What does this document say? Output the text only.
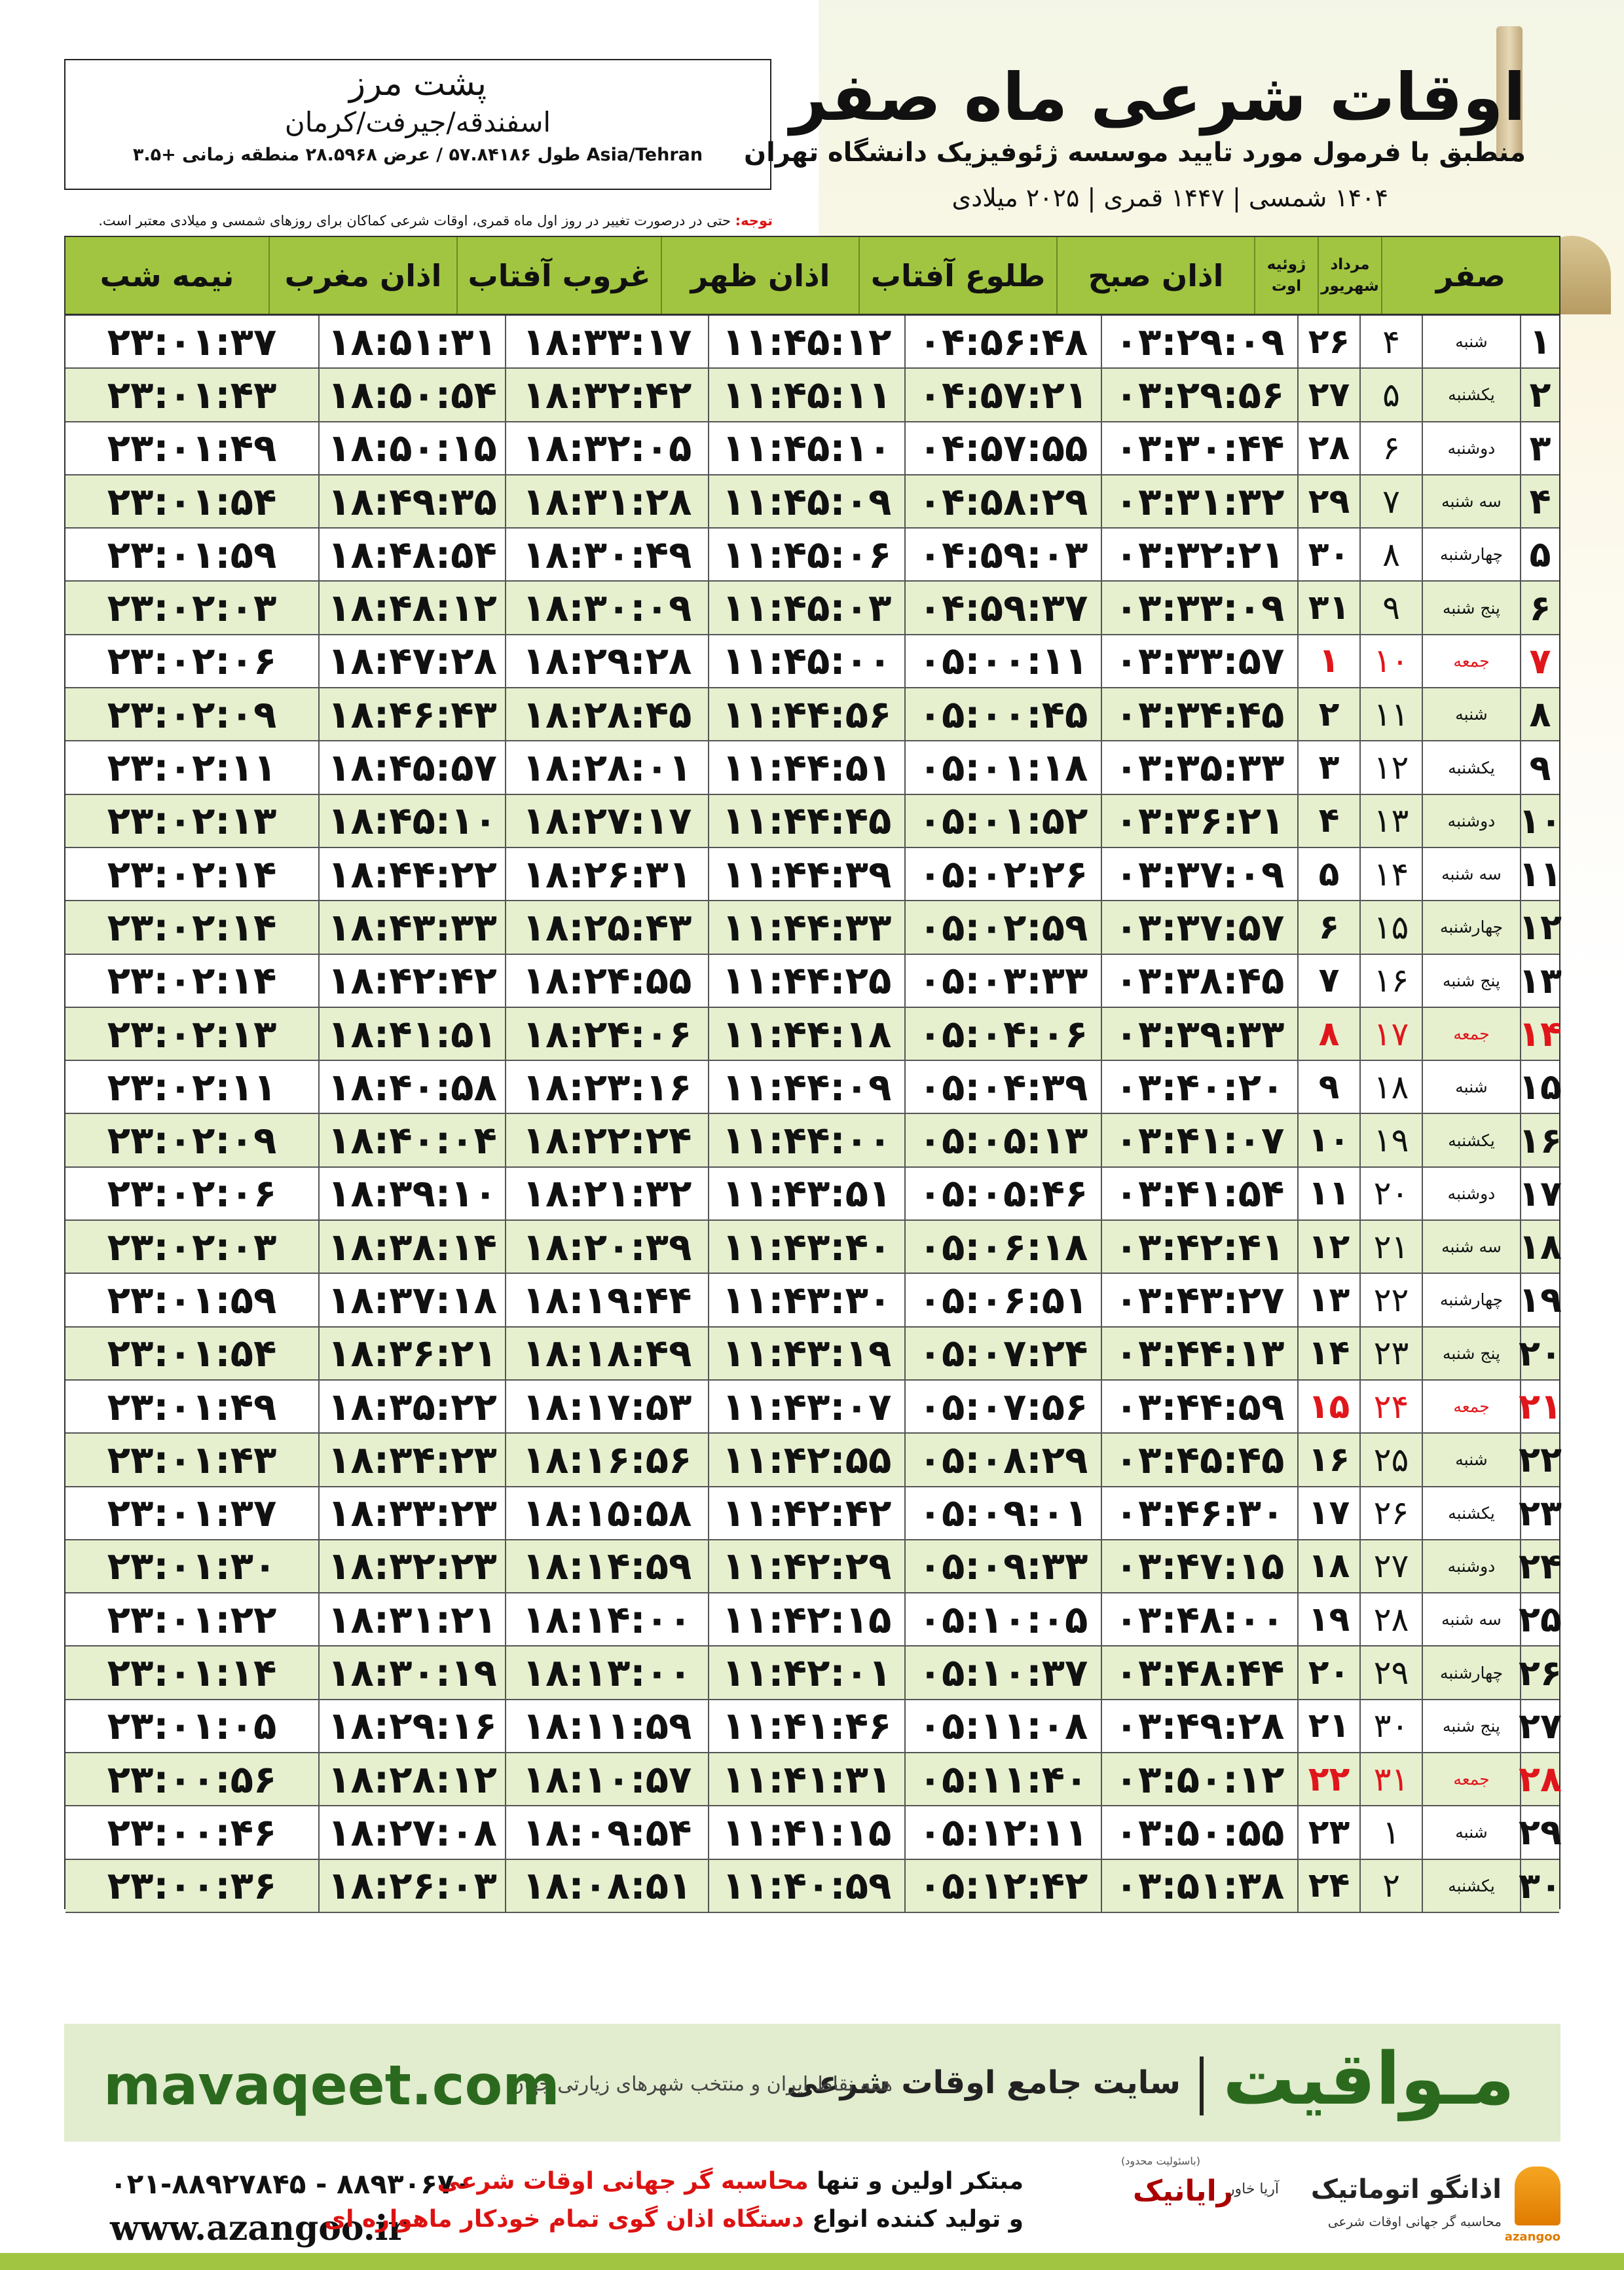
پشت مرز
اسفندقه/جیرفت/کرمان
طول ۵۷.۸۴۱۸۶ / عرض ۲۸.۵۹۶۸ منطقه زمانی +۳.۵ Asia/Tehran
اوقات شرعی ماه صفر
منطبق با فرمول مورد تایید موسسه ژئوفیزیک دانشگاه تهران
۱۴۰۴ شمسی | ۱۴۴۷ قمری | ۲۰۲۵ میلادی
توجه: حتی در درصورت تغییر در روز اول ماه قمری، اوقات شرعی کماکان برای روزهای شمسی و میلادی معتبر است.
صفر
مرداد
شهریور
ژوئیه
اوت
اذان صبح
طلوع آفتاب
اذان ظهر
غروب آفتاب
اذان مغرب
نیمه شب
۱
شنبه
۴
۲۶
۰۳:۲۹:۰۹
۰۴:۵۶:۴۸
۱۱:۴۵:۱۲
۱۸:۳۳:۱۷
۱۸:۵۱:۳۱
۲۳:۰۱:۳۷
۲
یکشنبه
۵
۲۷
۰۳:۲۹:۵۶
۰۴:۵۷:۲۱
۱۱:۴۵:۱۱
۱۸:۳۲:۴۲
۱۸:۵۰:۵۴
۲۳:۰۱:۴۳
۳
دوشنبه
۶
۲۸
۰۳:۳۰:۴۴
۰۴:۵۷:۵۵
۱۱:۴۵:۱۰
۱۸:۳۲:۰۵
۱۸:۵۰:۱۵
۲۳:۰۱:۴۹
۴
سه شنبه
۷
۲۹
۰۳:۳۱:۳۲
۰۴:۵۸:۲۹
۱۱:۴۵:۰۹
۱۸:۳۱:۲۸
۱۸:۴۹:۳۵
۲۳:۰۱:۵۴
۵
چهارشنبه
۸
۳۰
۰۳:۳۲:۲۱
۰۴:۵۹:۰۳
۱۱:۴۵:۰۶
۱۸:۳۰:۴۹
۱۸:۴۸:۵۴
۲۳:۰۱:۵۹
۶
پنج شنبه
۹
۳۱
۰۳:۳۳:۰۹
۰۴:۵۹:۳۷
۱۱:۴۵:۰۳
۱۸:۳۰:۰۹
۱۸:۴۸:۱۲
۲۳:۰۲:۰۳
۷
جمعه
۱۰
۱
۰۳:۳۳:۵۷
۰۵:۰۰:۱۱
۱۱:۴۵:۰۰
۱۸:۲۹:۲۸
۱۸:۴۷:۲۸
۲۳:۰۲:۰۶
۸
شنبه
۱۱
۲
۰۳:۳۴:۴۵
۰۵:۰۰:۴۵
۱۱:۴۴:۵۶
۱۸:۲۸:۴۵
۱۸:۴۶:۴۳
۲۳:۰۲:۰۹
۹
یکشنبه
۱۲
۳
۰۳:۳۵:۳۳
۰۵:۰۱:۱۸
۱۱:۴۴:۵۱
۱۸:۲۸:۰۱
۱۸:۴۵:۵۷
۲۳:۰۲:۱۱
۱۰
دوشنبه
۱۳
۴
۰۳:۳۶:۲۱
۰۵:۰۱:۵۲
۱۱:۴۴:۴۵
۱۸:۲۷:۱۷
۱۸:۴۵:۱۰
۲۳:۰۲:۱۳
۱۱
سه شنبه
۱۴
۵
۰۳:۳۷:۰۹
۰۵:۰۲:۲۶
۱۱:۴۴:۳۹
۱۸:۲۶:۳۱
۱۸:۴۴:۲۲
۲۳:۰۲:۱۴
۱۲
چهارشنبه
۱۵
۶
۰۳:۳۷:۵۷
۰۵:۰۲:۵۹
۱۱:۴۴:۳۳
۱۸:۲۵:۴۳
۱۸:۴۳:۳۳
۲۳:۰۲:۱۴
۱۳
پنج شنبه
۱۶
۷
۰۳:۳۸:۴۵
۰۵:۰۳:۳۳
۱۱:۴۴:۲۵
۱۸:۲۴:۵۵
۱۸:۴۲:۴۲
۲۳:۰۲:۱۴
۱۴
جمعه
۱۷
۸
۰۳:۳۹:۳۳
۰۵:۰۴:۰۶
۱۱:۴۴:۱۸
۱۸:۲۴:۰۶
۱۸:۴۱:۵۱
۲۳:۰۲:۱۳
۱۵
شنبه
۱۸
۹
۰۳:۴۰:۲۰
۰۵:۰۴:۳۹
۱۱:۴۴:۰۹
۱۸:۲۳:۱۶
۱۸:۴۰:۵۸
۲۳:۰۲:۱۱
۱۶
یکشنبه
۱۹
۱۰
۰۳:۴۱:۰۷
۰۵:۰۵:۱۳
۱۱:۴۴:۰۰
۱۸:۲۲:۲۴
۱۸:۴۰:۰۴
۲۳:۰۲:۰۹
۱۷
دوشنبه
۲۰
۱۱
۰۳:۴۱:۵۴
۰۵:۰۵:۴۶
۱۱:۴۳:۵۱
۱۸:۲۱:۳۲
۱۸:۳۹:۱۰
۲۳:۰۲:۰۶
۱۸
سه شنبه
۲۱
۱۲
۰۳:۴۲:۴۱
۰۵:۰۶:۱۸
۱۱:۴۳:۴۰
۱۸:۲۰:۳۹
۱۸:۳۸:۱۴
۲۳:۰۲:۰۳
۱۹
چهارشنبه
۲۲
۱۳
۰۳:۴۳:۲۷
۰۵:۰۶:۵۱
۱۱:۴۳:۳۰
۱۸:۱۹:۴۴
۱۸:۳۷:۱۸
۲۳:۰۱:۵۹
۲۰
پنج شنبه
۲۳
۱۴
۰۳:۴۴:۱۳
۰۵:۰۷:۲۴
۱۱:۴۳:۱۹
۱۸:۱۸:۴۹
۱۸:۳۶:۲۱
۲۳:۰۱:۵۴
۲۱
جمعه
۲۴
۱۵
۰۳:۴۴:۵۹
۰۵:۰۷:۵۶
۱۱:۴۳:۰۷
۱۸:۱۷:۵۳
۱۸:۳۵:۲۲
۲۳:۰۱:۴۹
۲۲
شنبه
۲۵
۱۶
۰۳:۴۵:۴۵
۰۵:۰۸:۲۹
۱۱:۴۲:۵۵
۱۸:۱۶:۵۶
۱۸:۳۴:۲۳
۲۳:۰۱:۴۳
۲۳
یکشنبه
۲۶
۱۷
۰۳:۴۶:۳۰
۰۵:۰۹:۰۱
۱۱:۴۲:۴۲
۱۸:۱۵:۵۸
۱۸:۳۳:۲۳
۲۳:۰۱:۳۷
۲۴
دوشنبه
۲۷
۱۸
۰۳:۴۷:۱۵
۰۵:۰۹:۳۳
۱۱:۴۲:۲۹
۱۸:۱۴:۵۹
۱۸:۳۲:۲۳
۲۳:۰۱:۳۰
۲۵
سه شنبه
۲۸
۱۹
۰۳:۴۸:۰۰
۰۵:۱۰:۰۵
۱۱:۴۲:۱۵
۱۸:۱۴:۰۰
۱۸:۳۱:۲۱
۲۳:۰۱:۲۲
۲۶
چهارشنبه
۲۹
۲۰
۰۳:۴۸:۴۴
۰۵:۱۰:۳۷
۱۱:۴۲:۰۱
۱۸:۱۳:۰۰
۱۸:۳۰:۱۹
۲۳:۰۱:۱۴
۲۷
پنج شنبه
۳۰
۲۱
۰۳:۴۹:۲۸
۰۵:۱۱:۰۸
۱۱:۴۱:۴۶
۱۸:۱۱:۵۹
۱۸:۲۹:۱۶
۲۳:۰۱:۰۵
۲۸
جمعه
۳۱
۲۲
۰۳:۵۰:۱۲
۰۵:۱۱:۴۰
۱۱:۴۱:۳۱
۱۸:۱۰:۵۷
۱۸:۲۸:۱۲
۲۳:۰۰:۵۶
۲۹
شنبه
۱
۲۳
۰۳:۵۰:۵۵
۰۵:۱۲:۱۱
۱۱:۴۱:۱۵
۱۸:۰۹:۵۴
۱۸:۲۷:۰۸
۲۳:۰۰:۴۶
۳۰
یکشنبه
۲
۲۴
۰۳:۵۱:۳۸
۰۵:۱۲:۴۲
۱۱:۴۰:۵۹
۱۸:۰۸:۵۱
۱۸:۲۶:۰۳
۲۳:۰۰:۳۶
مـواقیت
سایت جامع اوقات شرعی
همه نقاط ایران و منتخب شهرهای زیارتی جهان
mavaqeet.com
۰۲۱-۸۸۹۲۷۸۴۵ - ۸۸۹۳۰۶۷۰
www.azangoo.ir
مبتکر اولین و تنها محاسبه گر جهانی اوقات شرعی
و تولید کننده انواع دستگاه اذان گوی تمام خودکار ماهواره ای
(باسئولیت محدود)
رایانیک
آریا خاور اذانگو اتوماتیک
محاسبه گر جهانی اوقات شرعی
azangoo
